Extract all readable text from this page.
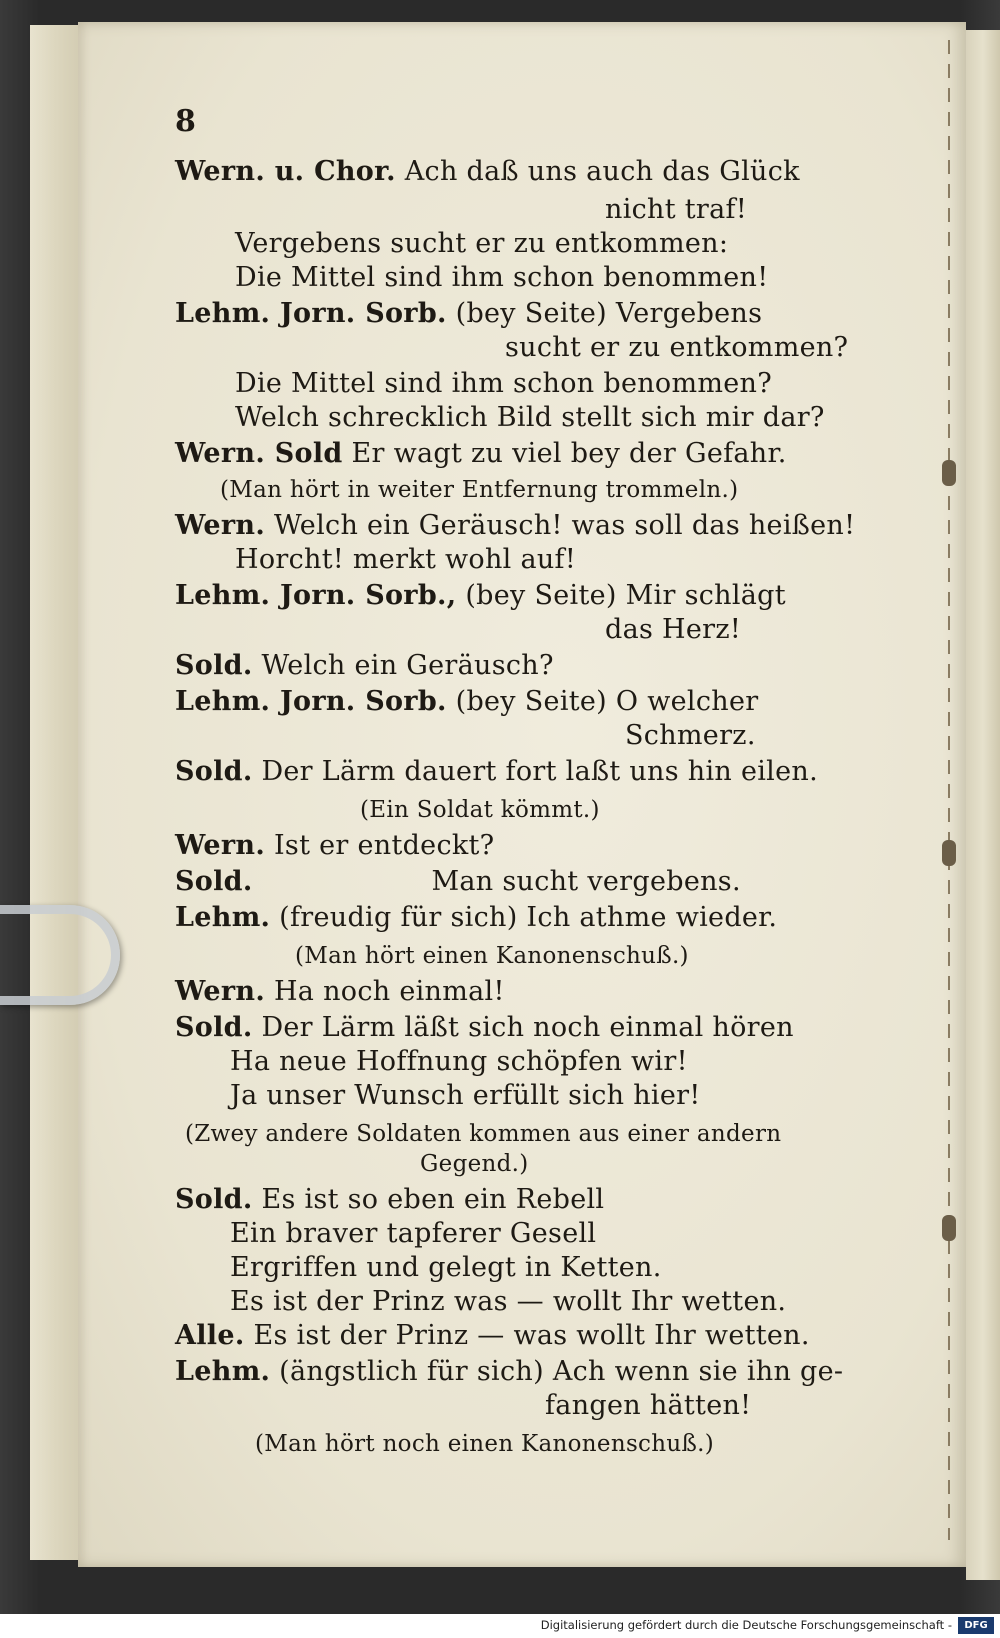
8
Wern. u. Chor. Ach daß uns auch das Glück
nicht traf!
Vergebens sucht er zu entkommen:
Die Mittel sind ihm schon benommen!
Lehm. Jorn. Sorb. (bey Seite) Vergebens
sucht er zu entkommen?
Die Mittel sind ihm schon benommen?
Welch schrecklich Bild stellt sich mir dar?
Wern. Sold Er wagt zu viel bey der Gefahr.
(Man hört in weiter Entfernung trommeln.)
Wern. Welch ein Geräusch! was soll das heißen!
Horcht! merkt wohl auf!
Lehm. Jorn. Sorb., (bey Seite) Mir schlägt
das Herz!
Sold. Welch ein Geräusch?
Lehm. Jorn. Sorb. (bey Seite) O welcher
Schmerz.
Sold. Der Lärm dauert fort laßt uns hin eilen.
(Ein Soldat kömmt.)
Wern. Ist er entdeckt?
Sold.	Man sucht vergebens.
Lehm. (freudig für sich) Ich athme wieder.
(Man hört einen Kanonenschuß.)
Wern. Ha noch einmal!
Sold. Der Lärm läßt sich noch einmal hören
Ha neue Hoffnung schöpfen wir!
Ja unser Wunsch erfüllt sich hier!
(Zwey andere Soldaten kommen aus einer andern
Gegend.)
Sold. Es ist so eben ein Rebell
Ein braver tapferer Gesell
Ergriffen und gelegt in Ketten.
Es ist der Prinz was — wollt Ihr wetten.
Alle. Es ist der Prinz — was wollt Ihr wetten.
Lehm. (ängstlich für sich) Ach wenn sie ihn ge-
fangen hätten!
(Man hört noch einen Kanonenschuß.)
Digitalisierung gefördert durch die Deutsche Forschungsgemeinschaft -	DFG
